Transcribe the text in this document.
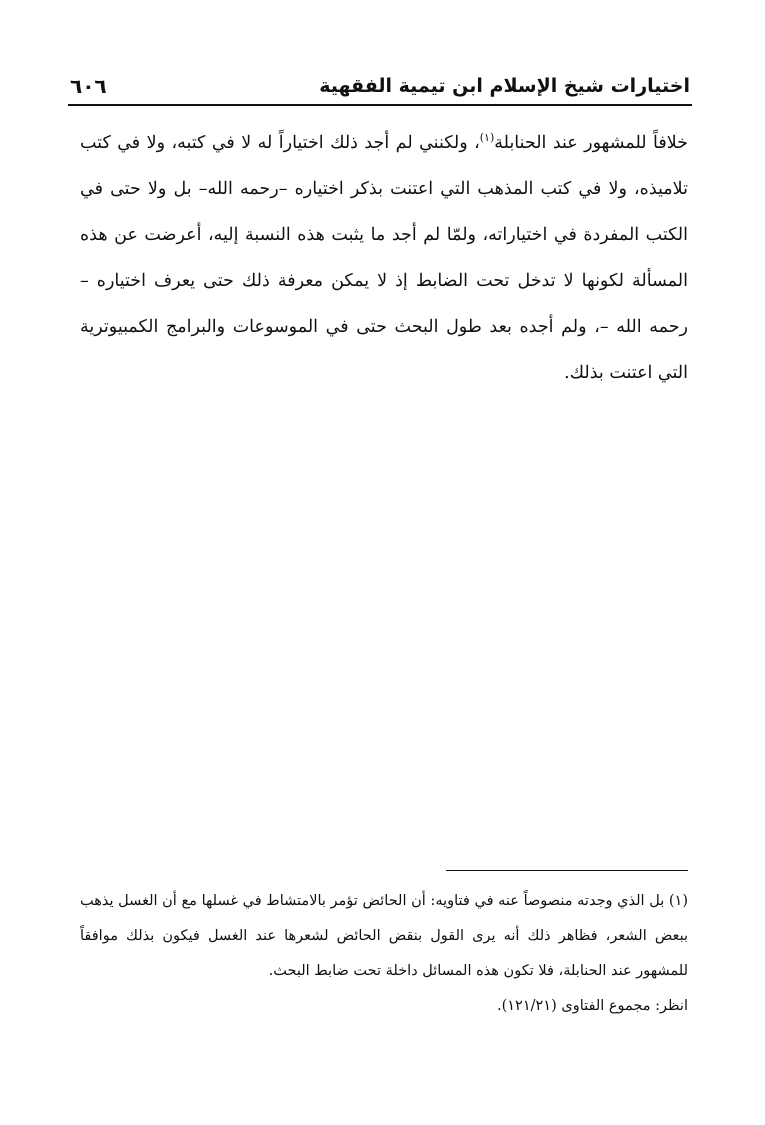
٦٠٦	اختيارات شيخ الإسلام ابن تيمية الفقهية

خلافاً للمشهور عند الحنابلة$^{(١)}$، ولكنني لم أجد ذلك اختياراً له لا في كتبه، ولا في كتب تلاميذه، ولا في كتب المذهب التي اعتنت بذكر اختياره –رحمه الله– بل ولا حتى في الكتب المفردة في اختياراته، ولمّا لم أجد ما يثبت هذه النسبة إليه، أعرضت عن هذه المسألة لكونها لا تدخل تحت الضابط إذ لا يمكن معرفة ذلك حتى يعرف اختياره – رحمه الله –، ولم أجده بعد طول البحث حتى في الموسوعات والبرامج الكمبيوترية التي اعتنت بذلك.

(١) بل الذي وجدته منصوصاً عنه في فتاويه: أن الحائض تؤمر بالامتشاط في غسلها مع أن الغسل يذهب ببعض الشعر، فظاهر ذلك أنه يرى القول بنقض الحائض لشعرها عند الغسل فيكون بذلك موافقاً للمشهور عند الحنابلة، فلا تكون هذه المسائل داخلة تحت ضابط البحث.

انظر: مجموع الفتاوى (١٢١/٢١).
